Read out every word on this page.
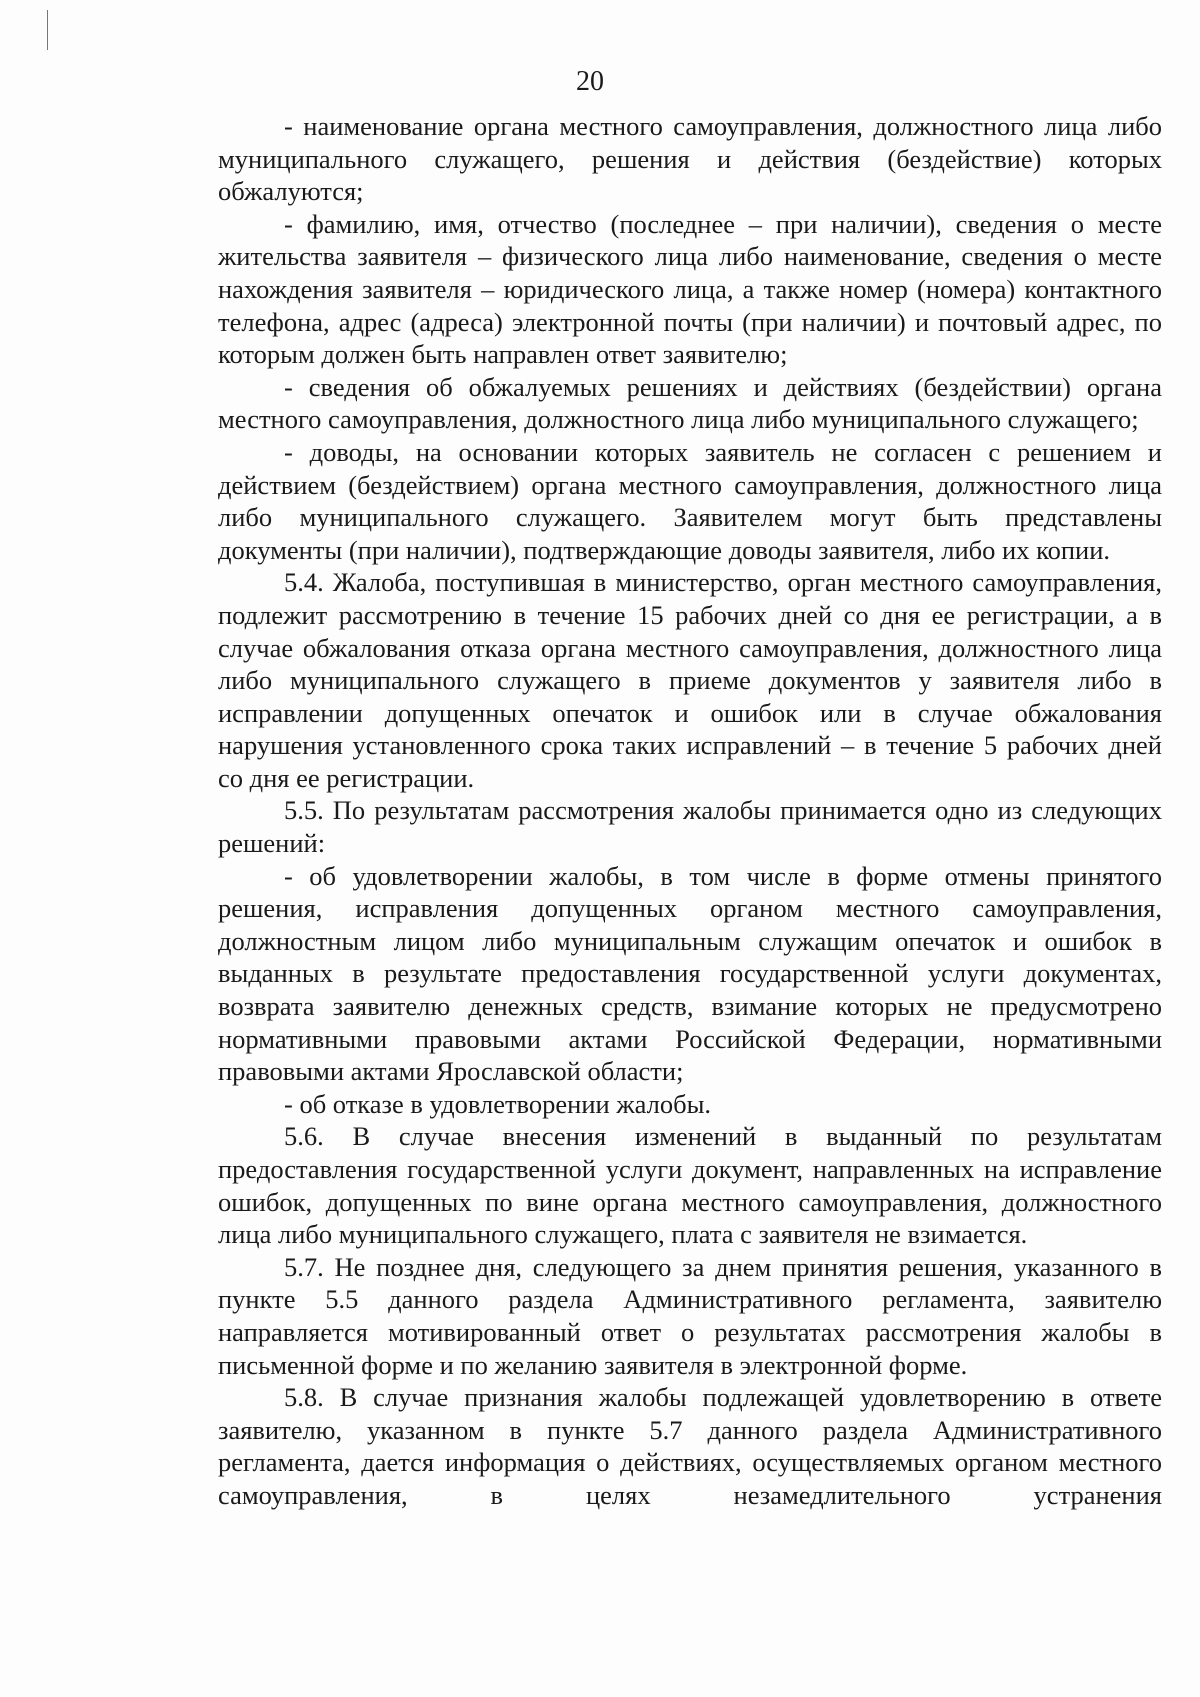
20

- наименование органа местного самоуправления, должностного лица либо муниципального служащего, решения и действия (бездействие) которых обжалуются;

- фамилию, имя, отчество (последнее – при наличии), сведения о месте жительства заявителя – физического лица либо наименование, сведения о месте нахождения заявителя – юридического лица, а также номер (номера) контактного телефона, адрес (адреса) электронной почты (при наличии) и почтовый адрес, по которым должен быть направлен ответ заявителю;

- сведения об обжалуемых решениях и действиях (бездействии) органа местного самоуправления, должностного лица либо муниципального служащего;

- доводы, на основании которых заявитель не согласен с решением и действием (бездействием) органа местного самоуправления, должностного лица либо муниципального служащего. Заявителем могут быть представлены документы (при наличии), подтверждающие доводы заявителя, либо их копии.

5.4. Жалоба, поступившая в министерство, орган местного самоуправления, подлежит рассмотрению в течение 15 рабочих дней со дня ее регистрации, а в случае обжалования отказа органа местного самоуправления, должностного лица либо муниципального служащего в приеме документов у заявителя либо в исправлении допущенных опечаток и ошибок или в случае обжалования нарушения установленного срока таких исправлений – в течение 5 рабочих дней со дня ее регистрации.

5.5. По результатам рассмотрения жалобы принимается одно из следующих решений:

- об удовлетворении жалобы, в том числе в форме отмены принятого решения, исправления допущенных органом местного самоуправления, должностным лицом либо муниципальным служащим опечаток и ошибок в выданных в результате предоставления государственной услуги документах, возврата заявителю денежных средств, взимание которых не предусмотрено нормативными правовыми актами Российской Федерации, нормативными правовыми актами Ярославской области;

- об отказе в удовлетворении жалобы.

5.6. В случае внесения изменений в выданный по результатам предоставления государственной услуги документ, направленных на исправление ошибок, допущенных по вине органа местного самоуправления, должностного лица либо муниципального служащего, плата с заявителя не взимается.

5.7. Не позднее дня, следующего за днем принятия решения, указанного в пункте 5.5 данного раздела Административного регламента, заявителю направляется мотивированный ответ о результатах рассмотрения жалобы в письменной форме и по желанию заявителя в электронной форме.

5.8. В случае признания жалобы подлежащей удовлетворению в ответе заявителю, указанном в пункте 5.7 данного раздела Административного регламента, дается информация о действиях, осуществляемых органом местного самоуправления, в целях незамедлительного устранения
